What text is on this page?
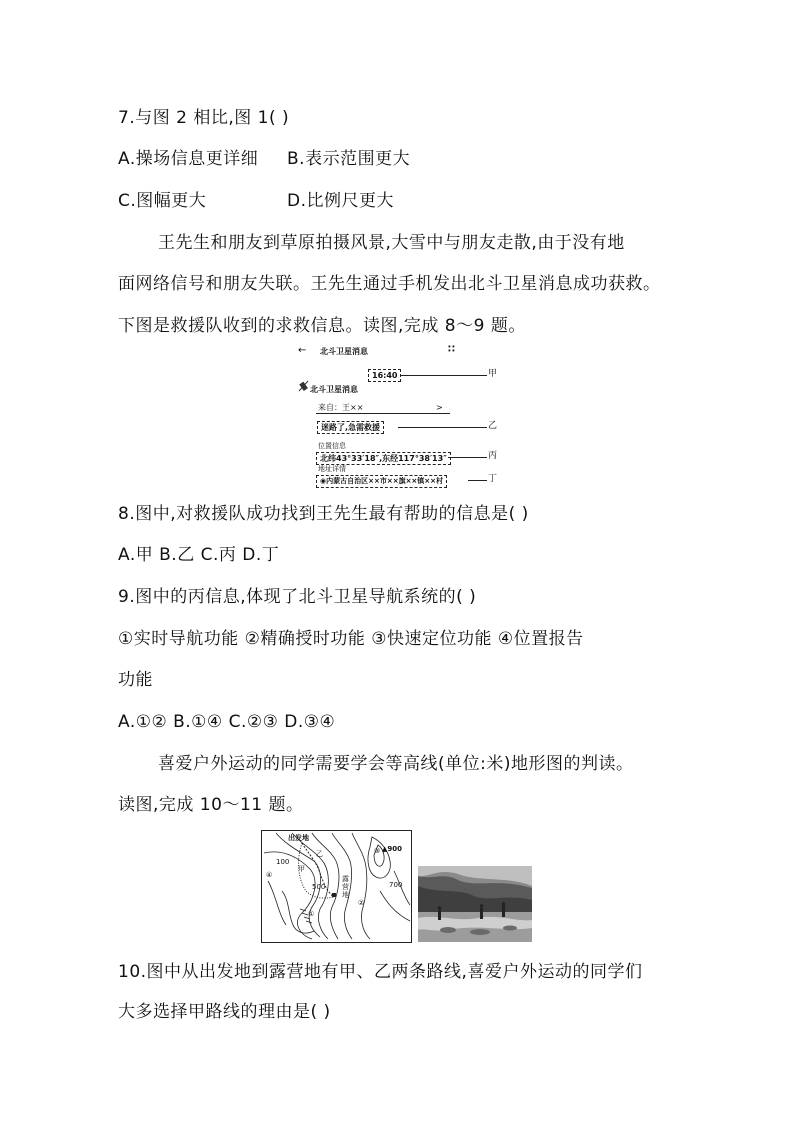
7.与图 2 相比,图 1( )
A.操场信息更详细 B.表示范围更大
C.图幅更大	D.比例尺更大
王先生和朋友到草原拍摄风景,大雪中与朋友走散,由于没有地
面网络信号和朋友失联。王先生通过手机发出北斗卫星消息成功获救。
下图是救援队收到的求救信息。读图,完成 8～9 题。
← 北斗卫星消息	∷
16:40	甲
北斗卫星消息
来自：王××	>
迷路了,急需救援	乙
位置信息
北纬43°33′18″,东经117°38′13″	丙
地址详情
◉内蒙古自治区××市××旗××镇××村	丁
8.图中,对救援队成功找到王先生最有帮助的信息是( )
A.甲 B.乙 C.丙 D.丁
9.图中的丙信息,体现了北斗卫星导航系统的( )
①实时导航功能 ②精确授时功能 ③快速定位功能 ④位置报告
功能
A.①② B.①④ C.②③ D.③④
喜爱户外运动的同学需要学会等高线(单位:米)地形图的判读。
读图,完成 10～11 题。
出发地
100
甲
乙
500
露营地
700
▲900
①
②
③
④
10.图中从出发地到露营地有甲、乙两条路线,喜爱户外运动的同学们
大多选择甲路线的理由是( )
